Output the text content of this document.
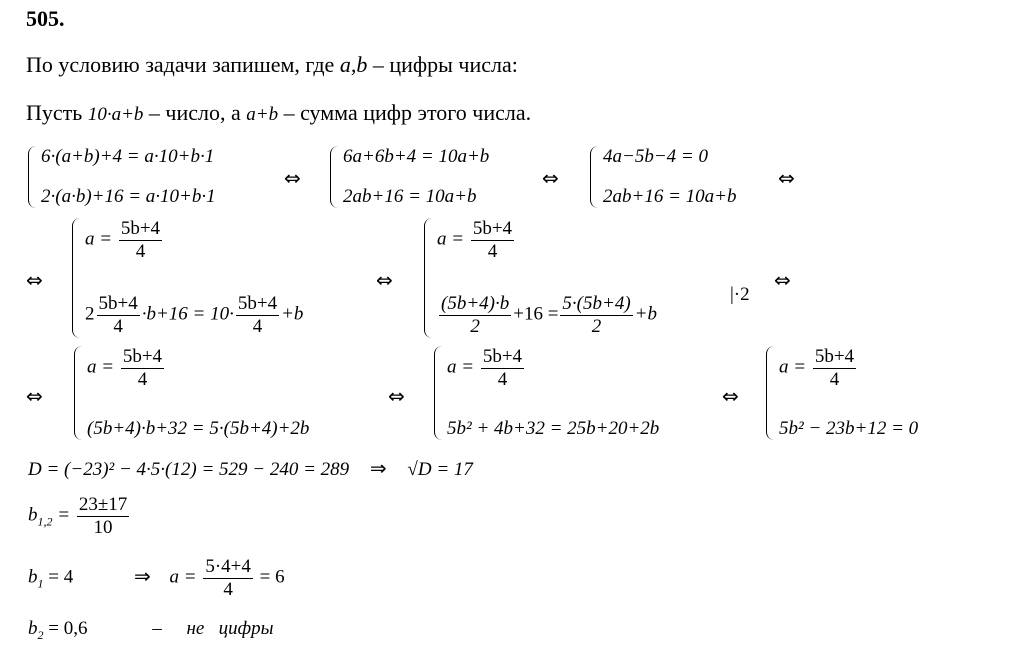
505.
По условию задачи запишем, где a,b – цифры числа:
Пусть 10·a+b – число, а a+b – сумма цифр этого числа.
6·(a+b)+4 = a·10+b·1
2·(a·b)+16 = a·10+b·1
⇔
6a+6b+4 = 10a+b
2ab+16 = 10a+b
⇔
4a−5b−4 = 0
2ab+16 = 10a+b
⇔
⇔
$a = \frac{5b+4}{4}$
$2 \frac{5b+4}{4} \cdot b+16 = 10\cdot \frac{5b+4}{4} +b$
⇔
$a = \frac{5b+4}{4}$
$\frac{(5b+4)\cdot b}{2} +16 = \frac{5\cdot(5b+4)}{2} +b$
|·2
⇔
⇔
$a = \frac{5b+4}{4}$
(5b+4)·b+32 = 5·(5b+4)+2b
⇔
$a = \frac{5b+4}{4}$
5b² + 4b+32 = 25b+20+2b
⇔
$a = \frac{5b+4}{4}$
5b² − 23b+12 = 0
D = (−23)² − 4·5·(12) = 529 − 240 = 289 ⇒ √D = 17
$b_{1,2} = \frac{23\pm 17}{10}$
$b_1 = 4$	⇒ $a = \frac{5\cdot 4+4}{4} = 6$
$b_2 = 0,6$	– не   цифры
